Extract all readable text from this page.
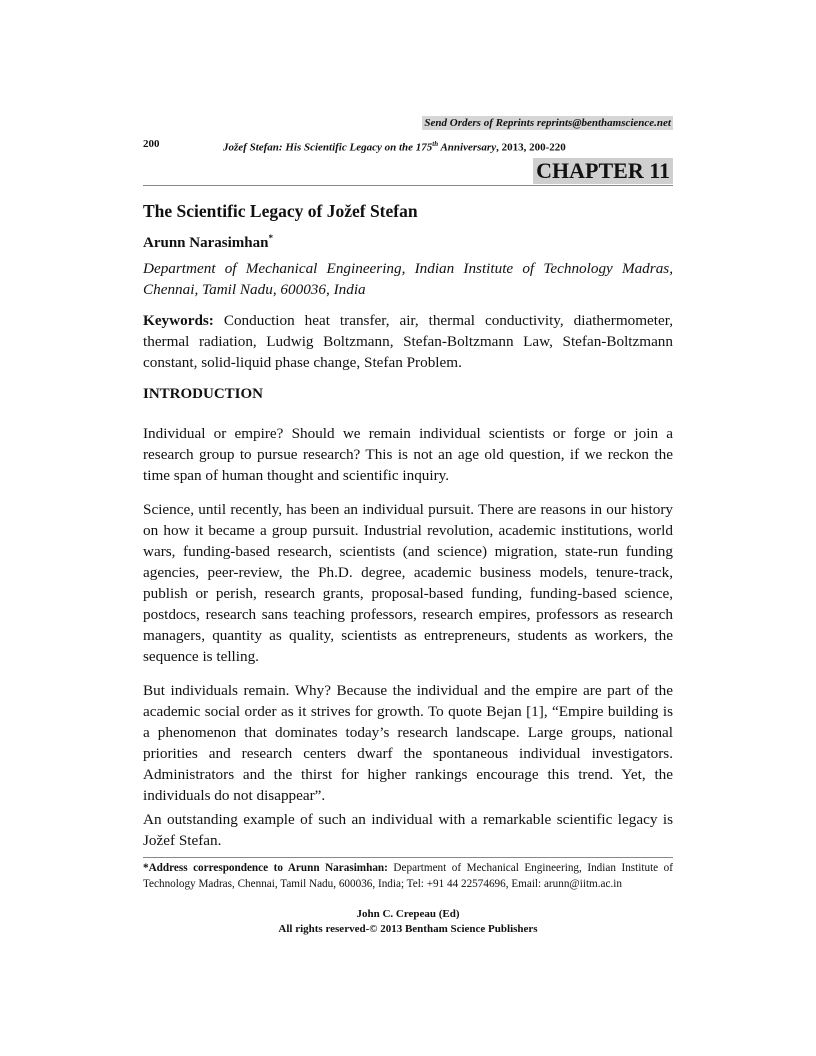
Send Orders of Reprints reprints@benthamscience.net
200	Jožef Stefan: His Scientific Legacy on the 175th Anniversary, 2013, 200-220
CHAPTER 11
The Scientific Legacy of Jožef Stefan
Arunn Narasimhan*
Department of Mechanical Engineering, Indian Institute of Technology Madras, Chennai, Tamil Nadu, 600036, India
Keywords: Conduction heat transfer, air, thermal conductivity, diathermometer, thermal radiation, Ludwig Boltzmann, Stefan-Boltzmann Law, Stefan-Boltzmann constant, solid-liquid phase change, Stefan Problem.
INTRODUCTION

Individual or empire? Should we remain individual scientists or forge or join a research group to pursue research? This is not an age old question, if we reckon the time span of human thought and scientific inquiry.

Science, until recently, has been an individual pursuit. There are reasons in our history on how it became a group pursuit. Industrial revolution, academic institutions, world wars, funding-based research, scientists (and science) migration, state-run funding agencies, peer-review, the Ph.D. degree, academic business models, tenure-track, publish or perish, research grants, proposal-based funding, funding-based science, postdocs, research sans teaching professors, research empires, professors as research managers, quantity as quality, scientists as entrepreneurs, students as workers, the sequence is telling.

But individuals remain. Why? Because the individual and the empire are part of the academic social order as it strives for growth. To quote Bejan [1], “Empire building is a phenomenon that dominates today’s research landscape. Large groups, national priorities and research centers dwarf the spontaneous individual investigators. Administrators and the thirst for higher rankings encourage this trend. Yet, the individuals do not disappear”.

An outstanding example of such an individual with a remarkable scientific legacy is Jožef Stefan.

*Address correspondence to Arunn Narasimhan: Department of Mechanical Engineering, Indian Institute of Technology Madras, Chennai, Tamil Nadu, 600036, India; Tel: +91 44 22574696, Email: arunn@iitm.ac.in
John C. Crepeau (Ed)
All rights reserved-© 2013 Bentham Science Publishers
